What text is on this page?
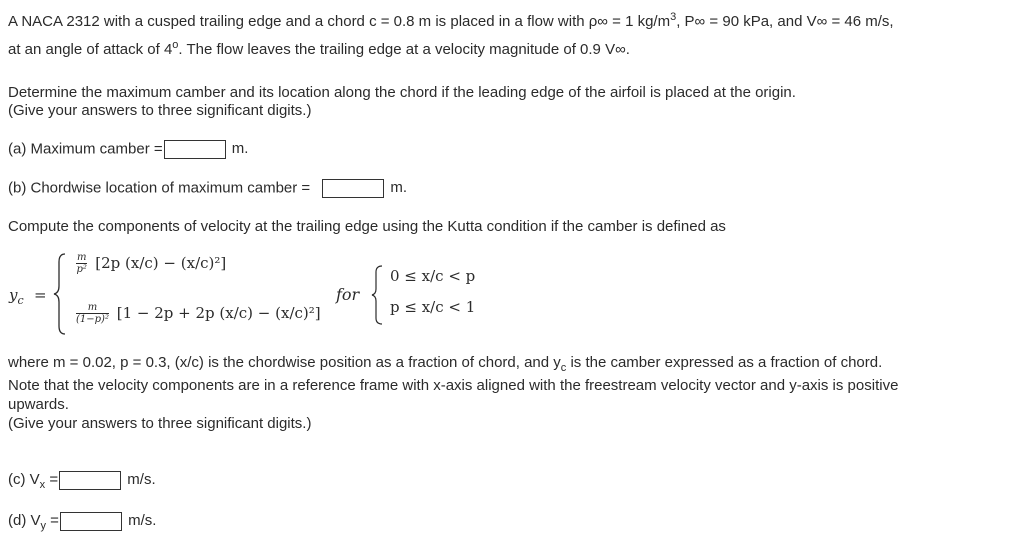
A NACA 2312 with a cusped trailing edge and a chord c = 0.8 m is placed in a flow with ρ∞ = 1 $kg/m^3$, P∞ = 90 kPa, and V∞ = 46 m/s,
at an angle of attack of 4$^o$. The flow leaves the trailing edge at a velocity magnitude of 0.9 V∞.
Determine the maximum camber and its location along the chord if the leading edge of the airfoil is placed at the origin.
(Give your answers to three significant digits.)
(a) Maximum camber =	m.
(b) Chordwise location of maximum camber =	m.
Compute the components of velocity at the trailing edge using the Kutta condition if the camber is defined as
$y_c$ =
$\frac{m}{\text{p²}} [2p$ (x/c) − (x/c)²]
$\frac{m}{\text{(1−p)²}} [1 - 2p + 2p$ (x/c) − (x/c)²]
for
0 ≤ x/c < p
p ≤ x/c < 1
where m = 0.02, p = 0.3, (x/c) is the chordwise position as a fraction of chord, and $y_c$ is the camber expressed as a fraction of chord.
Note that the velocity components are in a reference frame with x-axis aligned with the freestream velocity vector and y-axis is positive
upwards.
(Give your answers to three significant digits.)
(c) $V_x$ =	m/s.
(d) $V_y$ =	m/s.
